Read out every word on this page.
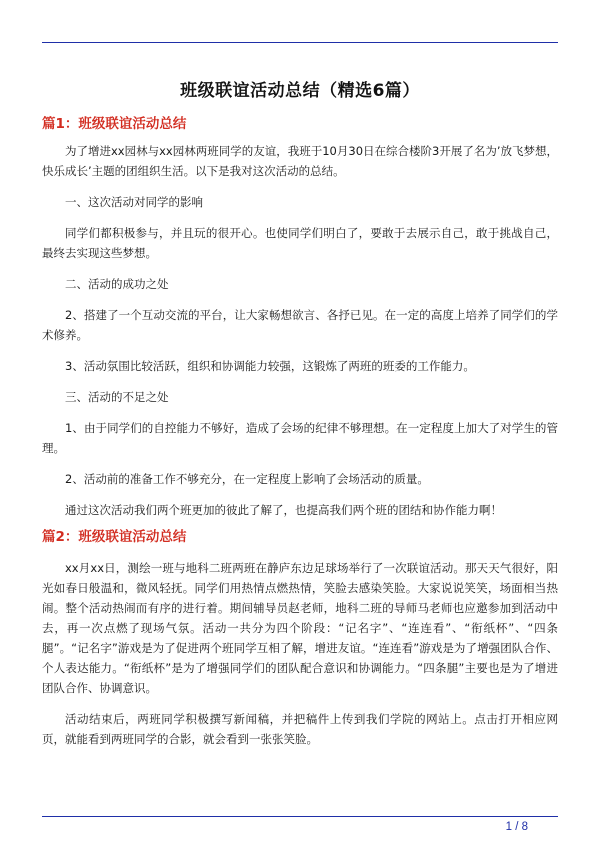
班级联谊活动总结（精选6篇）

篇1：班级联谊活动总结

为了增进xx园林与xx园林两班同学的友谊，我班于10月30日在综合楼阶3开展了名为’放飞梦想，快乐成长’主题的团组织生活。以下是我对这次活动的总结。

一、这次活动对同学的影响

同学们都积极参与，并且玩的很开心。也使同学们明白了，要敢于去展示自己，敢于挑战自己，最终去实现这些梦想。

二、活动的成功之处

2、搭建了一个互动交流的平台，让大家畅想欲言、各抒已见。在一定的高度上培养了同学们的学术修养。

3、活动氛围比较活跃，组织和协调能力较强，这锻炼了两班的班委的工作能力。

三、活动的不足之处

1、由于同学们的自控能力不够好，造成了会场的纪律不够理想。在一定程度上加大了对学生的管理。

2、活动前的准备工作不够充分，在一定程度上影响了会场活动的质量。

通过这次活动我们两个班更加的彼此了解了，也提高我们两个班的团结和协作能力啊！

篇2：班级联谊活动总结

xx月xx日，测绘一班与地科二班两班在静庐东边足球场举行了一次联谊活动。那天天气很好，阳光如春日般温和，微风轻抚。同学们用热情点燃热情，笑脸去感染笑脸。大家说说笑笑，场面相当热闹。整个活动热闹而有序的进行着。期间辅导员赵老师，地科二班的导师马老师也应邀参加到活动中去，再一次点燃了现场气氛。活动一共分为四个阶段：“记名字”、“连连看”、“衔纸杯”、“四条腿”。“记名字”游戏是为了促进两个班同学互相了解，增进友谊。“连连看”游戏是为了增强团队合作、个人表达能力。“衔纸杯”是为了增强同学们的团队配合意识和协调能力。“四条腿”主要也是为了增进团队合作、协调意识。

活动结束后，两班同学积极撰写新闻稿，并把稿件上传到我们学院的网站上。点击打开相应网页，就能看到两班同学的合影，就会看到一张张笑脸。

1 / 8
